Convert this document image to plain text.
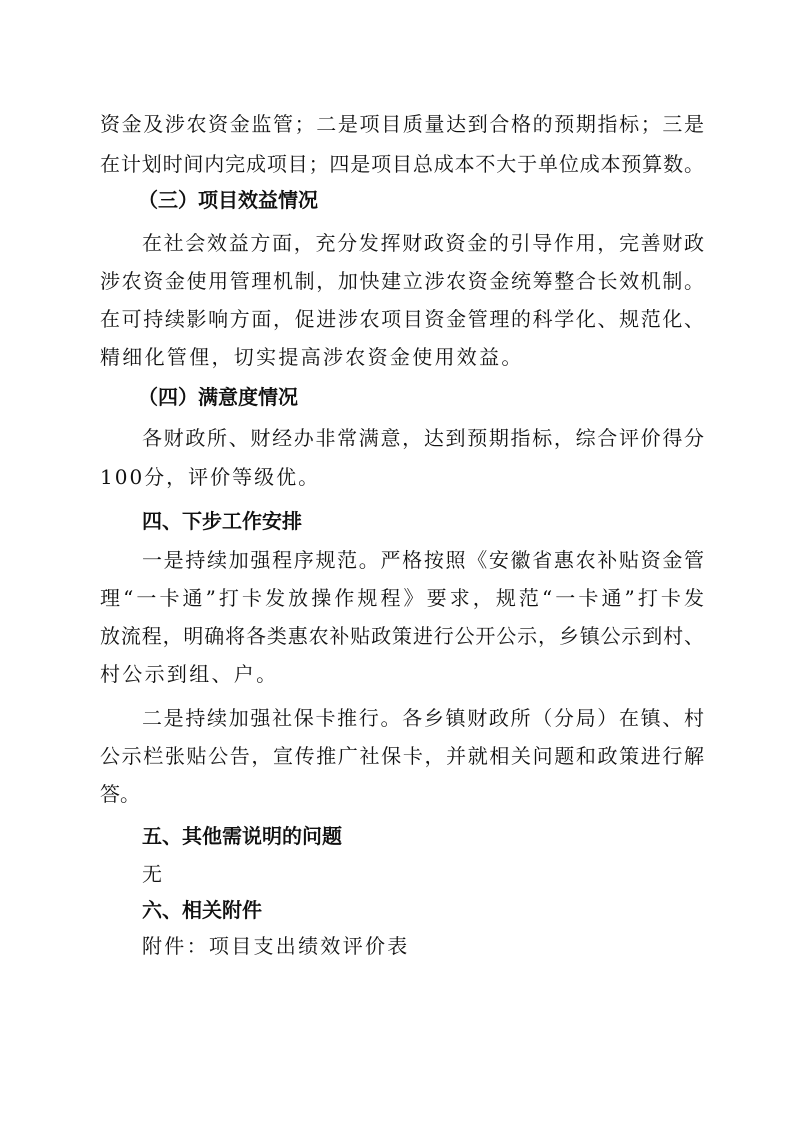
资金及涉农资金监管；二是项目质量达到合格的预期指标；三是
在计划时间内完成项目；四是项目总成本不大于单位成本预算数。
（三）项目效益情况
在社会效益方面，充分发挥财政资金的引导作用，完善财政
涉农资金使用管理机制，加快建立涉农资金统筹整合长效机制。
在可持续影响方面，促进涉农项目资金管理的科学化、规范化、
精细化管俚，切实提高涉农资金使用效益。
（四）满意度情况
各财政所、财经办非常满意，达到预期指标，综合评价得分
100分，评价等级优。
四、下步工作安排
一是持续加强程序规范。严格按照《安徽省惠农补贴资金管
理“一卡通”打卡发放操作规程》要求，规范“一卡通”打卡发
放流程，明确将各类惠农补贴政策进行公开公示，乡镇公示到村、
村公示到组、户。
二是持续加强社保卡推行。各乡镇财政所（分局）在镇、村
公示栏张贴公告，宣传推广社保卡，并就相关问题和政策进行解
答。
五、其他需说明的问题
无
六、相关附件
附件：项目支出绩效评价表
